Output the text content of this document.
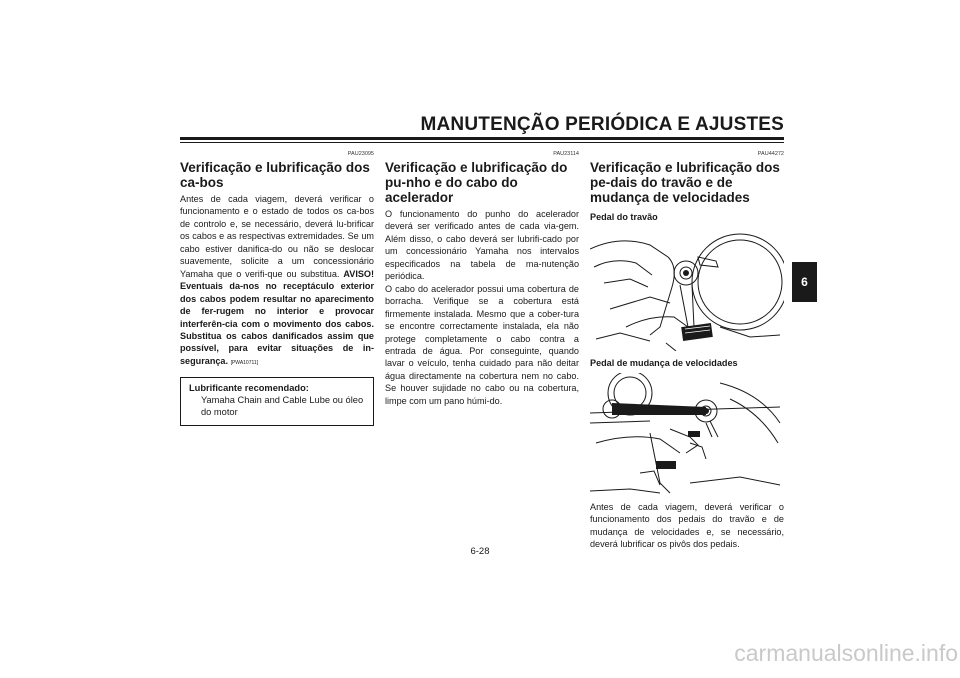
MANUTENÇÃO PERIÓDICA E AJUSTES
PAU23095
Verificação e lubrificação dos ca-bos

Antes de cada viagem, deverá verificar o funcionamento e o estado de todos os ca-bos de controlo e, se necessário, deverá lu-brificar os cabos e as respectivas extremidades. Se um cabo estiver danifica-do ou não se deslocar suavemente, solicite a um concessionário Yamaha que o verifi-que ou substitua. AVISO! Eventuais da-nos no receptáculo exterior dos cabos podem resultar no aparecimento de fer-rugem no interior e provocar interferên-cia com o movimento dos cabos. Substitua os cabos danificados assim que possível, para evitar situações de in-segurança. [PWA10711]

Lubrificante recomendado:
Yamaha Chain and Cable Lube ou óleo do motor
PAU23114
Verificação e lubrificação do pu-nho e do cabo do acelerador

O funcionamento do punho do acelerador deverá ser verificado antes de cada via-gem. Além disso, o cabo deverá ser lubrifi-cado por um concessionário Yamaha nos intervalos especificados na tabela de ma-nutenção periódica.

O cabo do acelerador possui uma cobertura de borracha. Verifique se a cobertura está firmemente instalada. Mesmo que a cober-tura se encontre correctamente instalada, ela não protege completamente o cabo contra a entrada de água. Por conseguinte, quando lavar o veículo, tenha cuidado para não deitar água directamente na cobertura nem no cabo. Se houver sujidade no cabo ou na cobertura, limpe com um pano húmi-do.

PAU44272
Verificação e lubrificação dos pe-dais do travão e de mudança de velocidades
Pedal do travão
Pedal de mudança de velocidades

Antes de cada viagem, deverá verificar o funcionamento dos pedais do travão e de mudança de velocidades e, se necessário, deverá lubrificar os pivôs dos pedais.

6
6-28
carmanualsonline.info
